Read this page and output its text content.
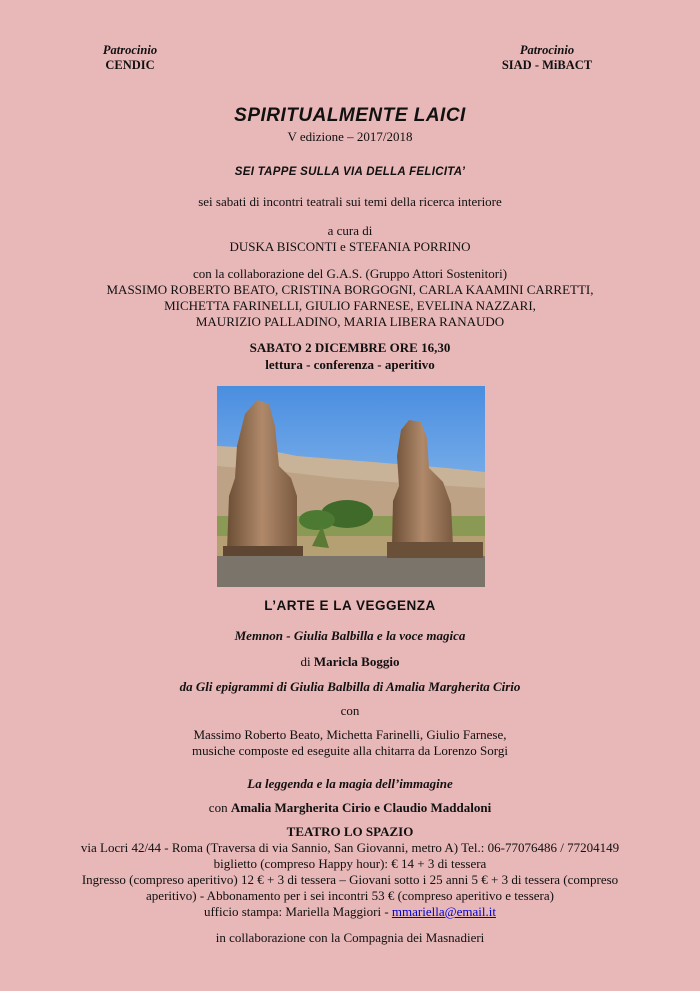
Patrocinio
CENDIC
Patrocinio
SIAD - MiBACT
SPIRITUALMENTE LAICI
V edizione – 2017/2018
SEI TAPPE SULLA VIA DELLA FELICITA’
sei sabati di incontri teatrali sui temi della ricerca interiore
a cura di
DUSKA BISCONTI e STEFANIA PORRINO
con la collaborazione del G.A.S. (Gruppo Attori Sostenitori)
MASSIMO ROBERTO BEATO, CRISTINA BORGOGNI, CARLA KAAMINI CARRETTI,
MICHETTA FARINELLI, GIULIO FARNESE, EVELINA NAZZARI,
MAURIZIO PALLADINO, MARIA LIBERA RANAUDO
SABATO 2 DICEMBRE ORE 16,30
lettura - conferenza - aperitivo
L’ARTE E LA VEGGENZA
Memnon - Giulia Balbilla e la voce magica
di Maricla Boggio
da Gli epigrammi di Giulia Balbilla di Amalia Margherita Cirio
con
Massimo Roberto Beato, Michetta Farinelli, Giulio Farnese,
musiche composte ed eseguite alla chitarra da Lorenzo Sorgi
La leggenda e la magia dell’immagine
con Amalia Margherita Cirio e Claudio Maddaloni
TEATRO LO SPAZIO
via Locri 42/44 - Roma (Traversa di via Sannio, San Giovanni, metro A) Tel.: 06-77076486 / 77204149
biglietto (compreso Happy hour): € 14 + 3 di tessera
Ingresso (compreso aperitivo) 12 € + 3 di tessera – Giovani sotto i 25 anni 5 € + 3 di tessera (compreso
aperitivo) - Abbonamento per i sei incontri 53 € (compreso aperitivo e tessera)
ufficio stampa: Mariella Maggiori - mmariella@email.it
in collaborazione con la Compagnia dei Masnadieri
